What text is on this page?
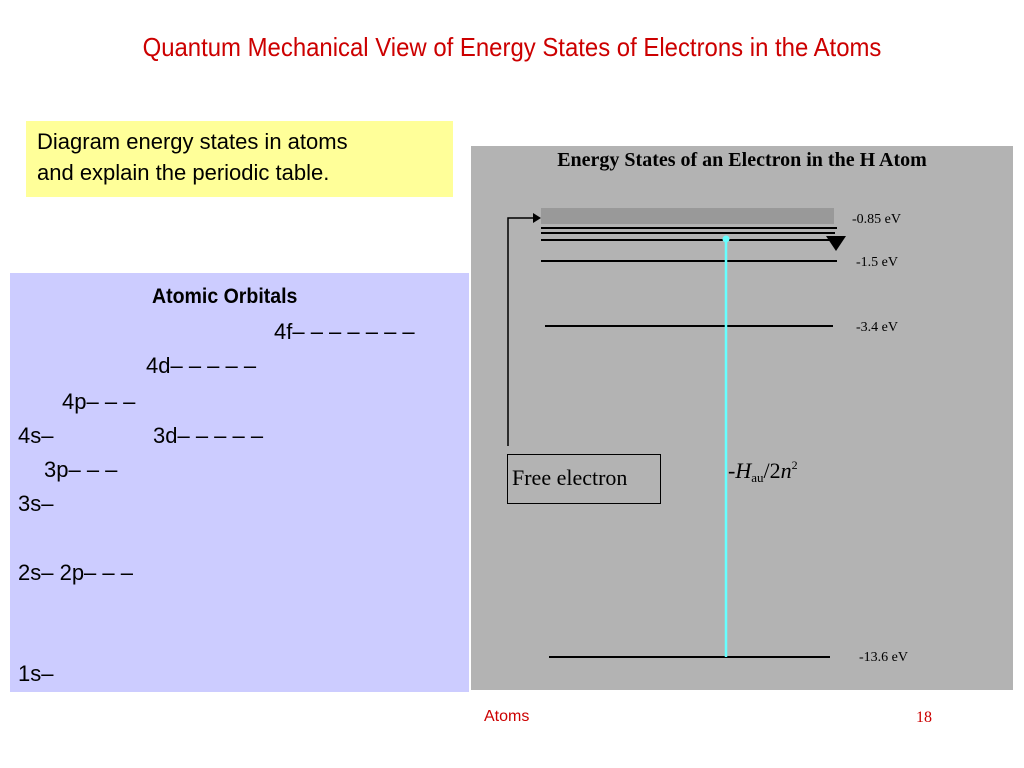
Quantum Mechanical View of Energy States of Electrons in the Atoms
Diagram energy states in atoms
and explain the periodic table.
Atomic Orbitals
4f– – – – – – –
4d– – – – –
4p– – –
4s–	3d– – – – –
3p– – –
3s–
2s– 2p– – –
1s–
Energy States of an Electron in the H Atom
-0.85 eV
-1.5 eV
-3.4 eV
-13.6 eV
Free electron	$-H_{au}/2n^2$
Atoms	18
